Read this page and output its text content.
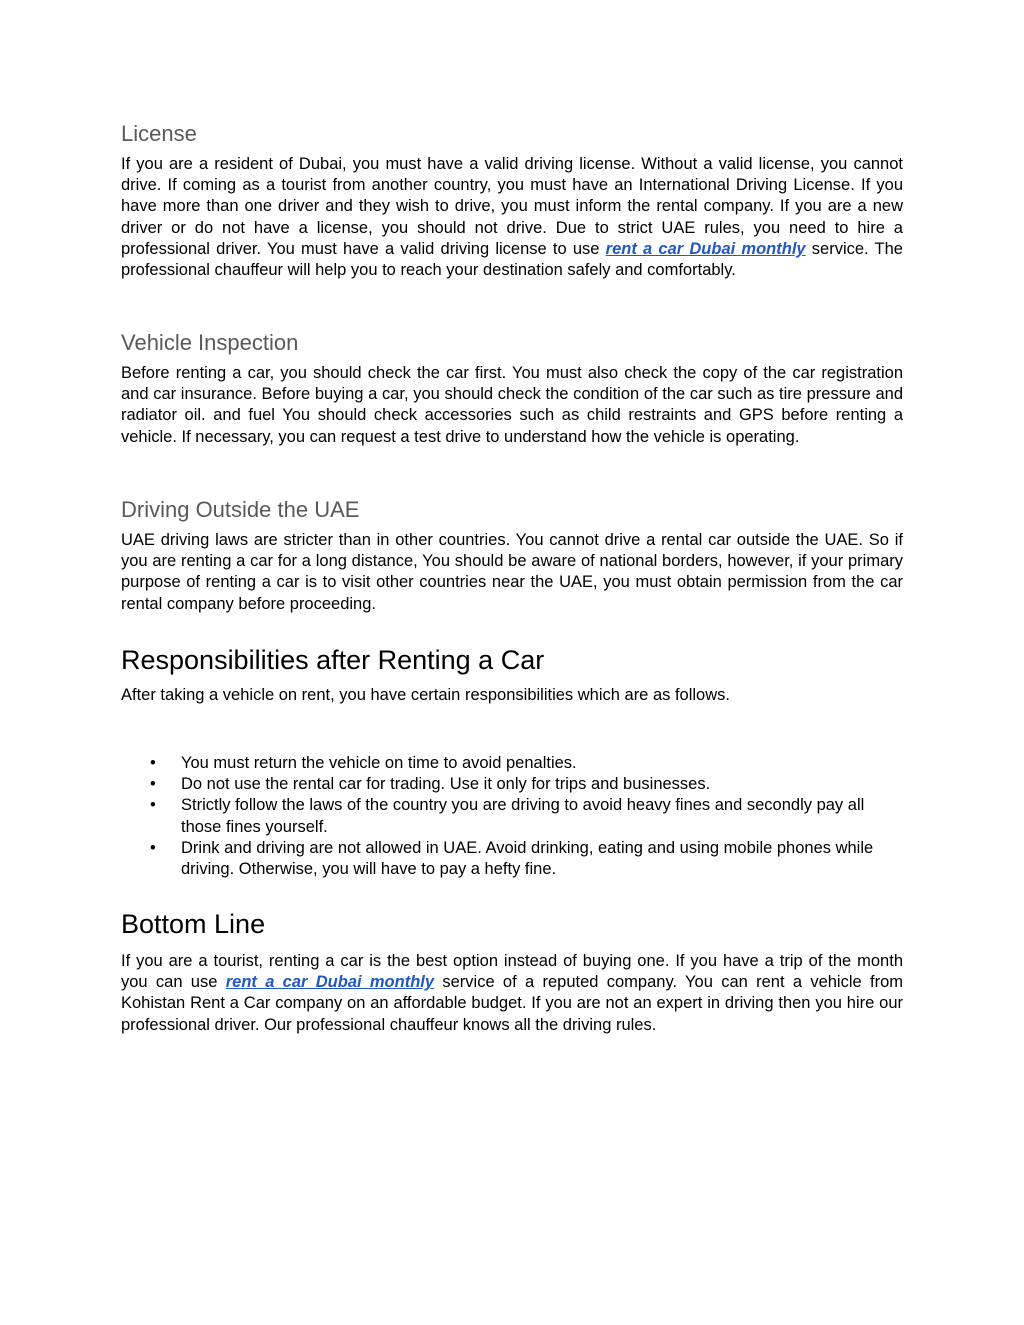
License

If you are a resident of Dubai, you must have a valid driving license. Without a valid license, you cannot drive. If coming as a tourist from another country, you must have an International Driving License. If you have more than one driver and they wish to drive, you must inform the rental company. If you are a new driver or do not have a license, you should not drive. Due to strict UAE rules, you need to hire a professional driver. You must have a valid driving license to use rent a car Dubai monthly service. The professional chauffeur will help you to reach your destination safely and comfortably.

Vehicle Inspection

Before renting a car, you should check the car first. You must also check the copy of the car registration and car insurance. Before buying a car, you should check the condition of the car such as tire pressure and radiator oil. and fuel You should check accessories such as child restraints and GPS before renting a vehicle. If necessary, you can request a test drive to understand how the vehicle is operating.

Driving Outside the UAE

UAE driving laws are stricter than in other countries. You cannot drive a rental car outside the UAE. So if you are renting a car for a long distance, You should be aware of national borders, however, if your primary purpose of renting a car is to visit other countries near the UAE, you must obtain permission from the car rental company before proceeding.

Responsibilities after Renting a Car

After taking a vehicle on rent, you have certain responsibilities which are as follows.

• You must return the vehicle on time to avoid penalties.
• Do not use the rental car for trading. Use it only for trips and businesses.
• Strictly follow the laws of the country you are driving to avoid heavy fines and secondly pay all those fines yourself.
• Drink and driving are not allowed in UAE. Avoid drinking, eating and using mobile phones while driving. Otherwise, you will have to pay a hefty fine.
Bottom Line

If you are a tourist, renting a car is the best option instead of buying one. If you have a trip of the month you can use rent a car Dubai monthly service of a reputed company. You can rent a vehicle from Kohistan Rent a Car company on an affordable budget. If you are not an expert in driving then you hire our professional driver. Our professional chauffeur knows all the driving rules.
